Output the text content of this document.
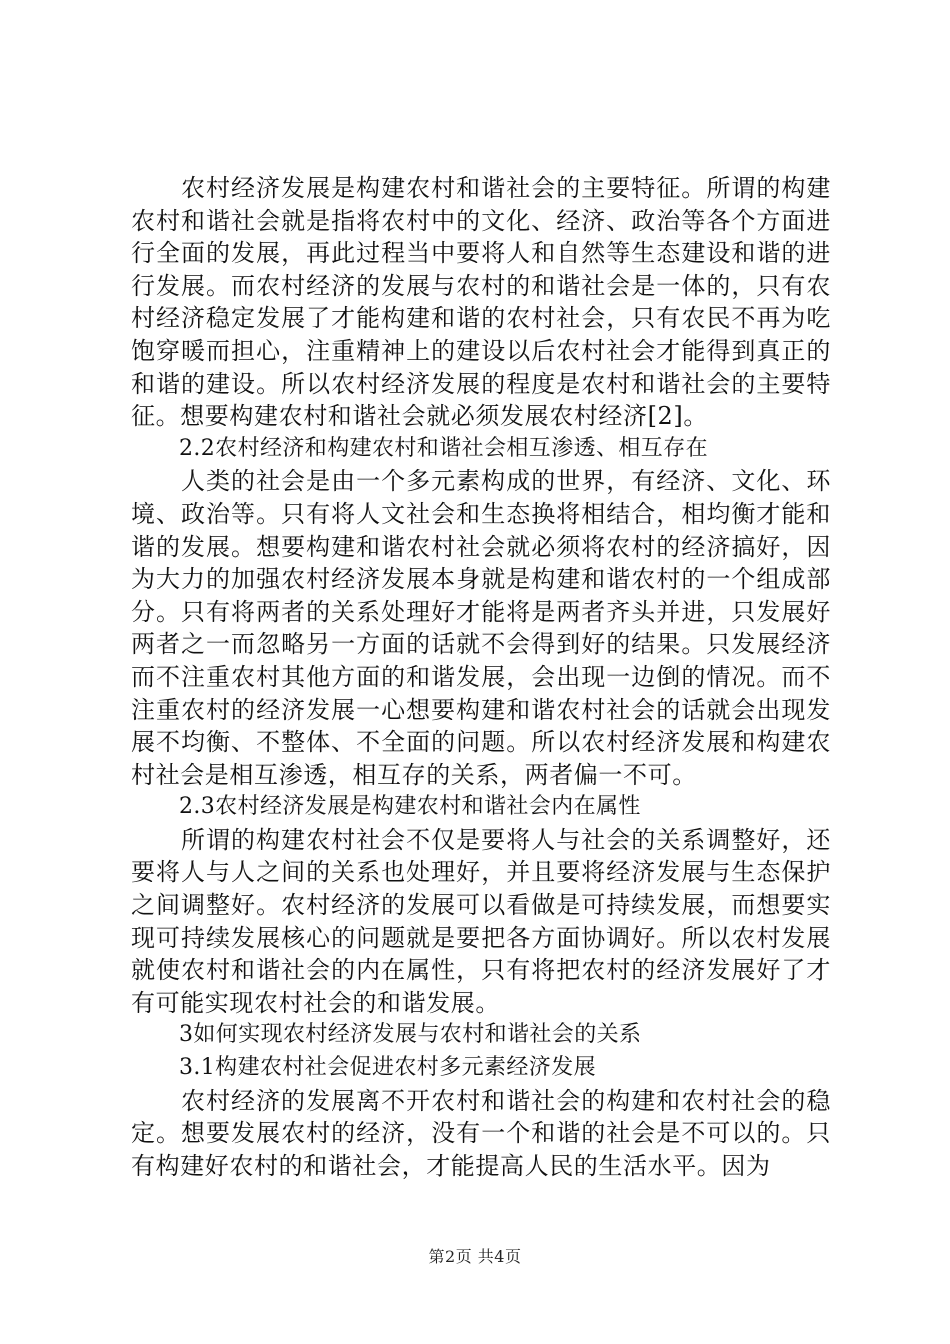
农村经济发展是构建农村和谐社会的主要特征。所谓的构建农村和谐社会就是指将农村中的文化、经济、政治等各个方面进行全面的发展，再此过程当中要将人和自然等生态建设和谐的进行发展。而农村经济的发展与农村的和谐社会是一体的，只有农村经济稳定发展了才能构建和谐的农村社会，只有农民不再为吃饱穿暖而担心，注重精神上的建设以后农村社会才能得到真正的和谐的建设。所以农村经济发展的程度是农村和谐社会的主要特征。想要构建农村和谐社会就必须发展农村经济[2]。

2.2农村经济和构建农村和谐社会相互渗透、相互存在

人类的社会是由一个多元素构成的世界，有经济、文化、环境、政治等。只有将人文社会和生态换将相结合，相均衡才能和谐的发展。想要构建和谐农村社会就必须将农村的经济搞好，因为大力的加强农村经济发展本身就是构建和谐农村的一个组成部分。只有将两者的关系处理好才能将是两者齐头并进，只发展好两者之一而忽略另一方面的话就不会得到好的结果。只发展经济而不注重农村其他方面的和谐发展，会出现一边倒的情况。而不注重农村的经济发展一心想要构建和谐农村社会的话就会出现发展不均衡、不整体、不全面的问题。所以农村经济发展和构建农村社会是相互渗透，相互存的关系，两者偏一不可。

2.3农村经济发展是构建农村和谐社会内在属性

所谓的构建农村社会不仅是要将人与社会的关系调整好，还要将人与人之间的关系也处理好，并且要将经济发展与生态保护之间调整好。农村经济的发展可以看做是可持续发展，而想要实现可持续发展核心的问题就是要把各方面协调好。所以农村发展就使农村和谐社会的内在属性，只有将把农村的经济发展好了才有可能实现农村社会的和谐发展。

3如何实现农村经济发展与农村和谐社会的关系

3.1构建农村社会促进农村多元素经济发展

农村经济的发展离不开农村和谐社会的构建和农村社会的稳定。想要发展农村的经济，没有一个和谐的社会是不可以的。只有构建好农村的和谐社会，才能提高人民的生活水平。因为

第2页 共4页
